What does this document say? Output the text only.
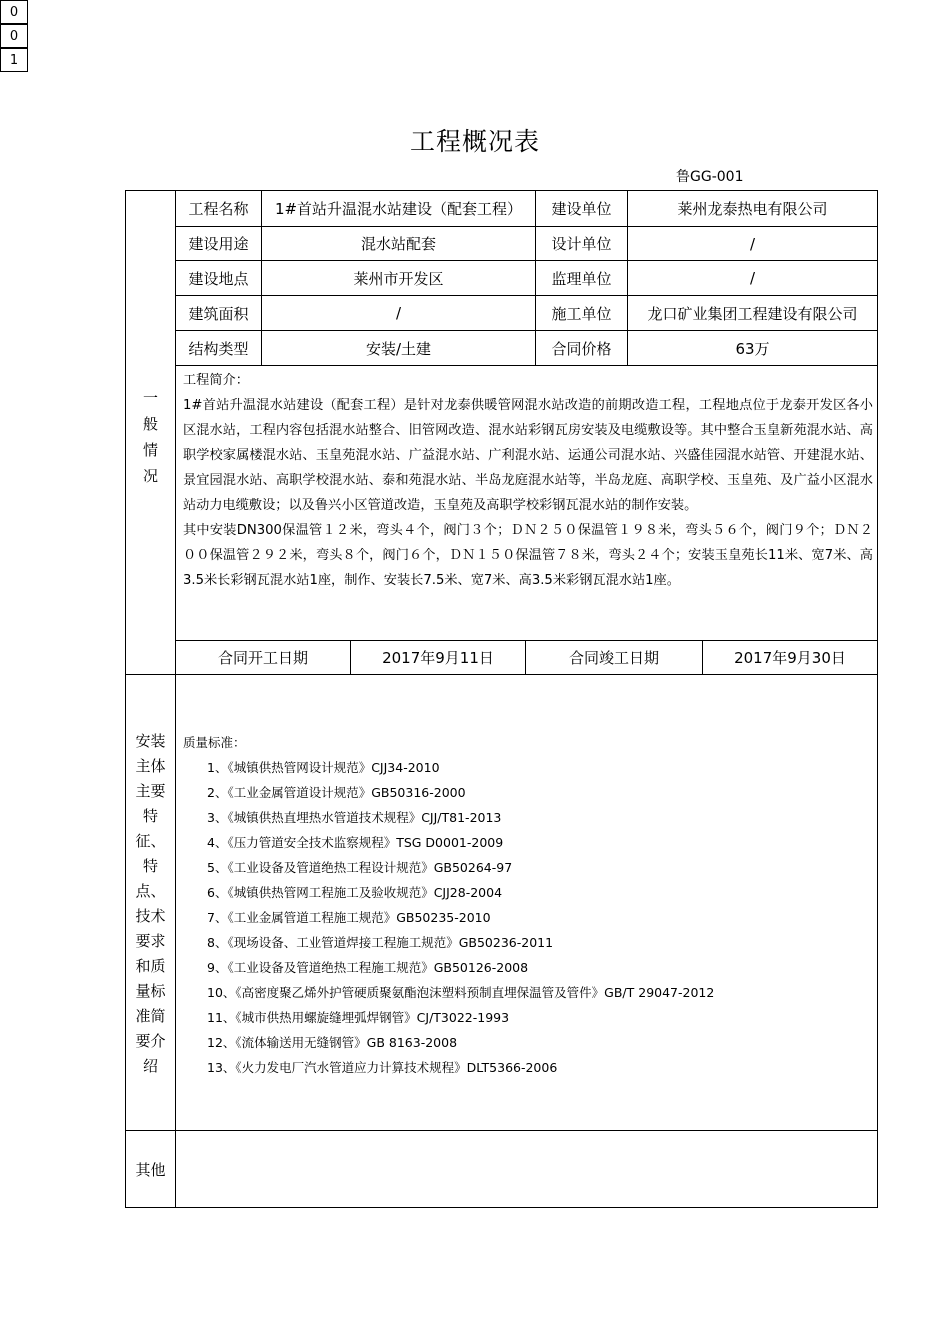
工程概况表
鲁GG-001
0
0
1
一般情况
工程名称	1#首站升温混水站建设（配套工程）	建设单位	莱州龙泰热电有限公司
建设用途	混水站配套	设计单位	/
建设地点	莱州市开发区	监理单位	/
建筑面积	/	施工单位	龙口矿业集团工程建设有限公司
结构类型	安装/土建	合同价格	63万

工程简介：

1#首站升温混水站建设（配套工程）是针对龙泰供暖管网混水站改造的前期改造工程，工程地点位于龙泰开发区各小区混水站，工程内容包括混水站整合、旧管网改造、混水站彩钢瓦房安装及电缆敷设等。其中整合玉皇新苑混水站、高职学校家属楼混水站、玉皇苑混水站、广益混水站、广利混水站、运通公司混水站、兴盛佳园混水站管、开建混水站、景宜园混水站、高职学校混水站、泰和苑混水站、半岛龙庭混水站等，半岛龙庭、高职学校、玉皇苑、及广益小区混水站动力电缆敷设；以及鲁兴小区管道改造，玉皇苑及高职学校彩钢瓦混水站的制作安装。

其中安装DN300保温管１２米，弯头４个，阀门３个；ＤＮ２５０保温管１９８米，弯头５６个，阀门９个；ＤＮ２００保温管２９２米，弯头８个，阀门６个，ＤＮ１５０保温管７８米，弯头２４个；安装玉皇苑长11米、宽7米、高3.5米长彩钢瓦混水站1座，制作、安装长7.5米、宽7米、高3.5米彩钢瓦混水站1座。

合同开工日期	2017年9月11日	合同竣工日期	2017年9月30日
安装
主体
主要
特
征、
特
点、
技术
要求
和质
量标
准简
要介
绍
质量标准：
1、《城镇供热管网设计规范》CJJ34-2010
2、《工业金属管道设计规范》GB50316-2000
3、《城镇供热直埋热水管道技术规程》CJJ/T81-2013
4、《压力管道安全技术监察规程》TSG D0001-2009
5、《工业设备及管道绝热工程设计规范》GB50264-97
6、《城镇供热管网工程施工及验收规范》CJJ28-2004
7、《工业金属管道工程施工规范》GB50235-2010
8、《现场设备、工业管道焊接工程施工规范》GB50236-2011
9、《工业设备及管道绝热工程施工规范》GB50126-2008
10、《高密度聚乙烯外护管硬质聚氨酯泡沫塑料预制直埋保温管及管件》GB/T 29047-2012
11、《城市供热用螺旋缝埋弧焊钢管》CJ/T3022-1993
12、《流体输送用无缝钢管》GB 8163-2008
13、《火力发电厂汽水管道应力计算技术规程》DLT5366-2006
其他
